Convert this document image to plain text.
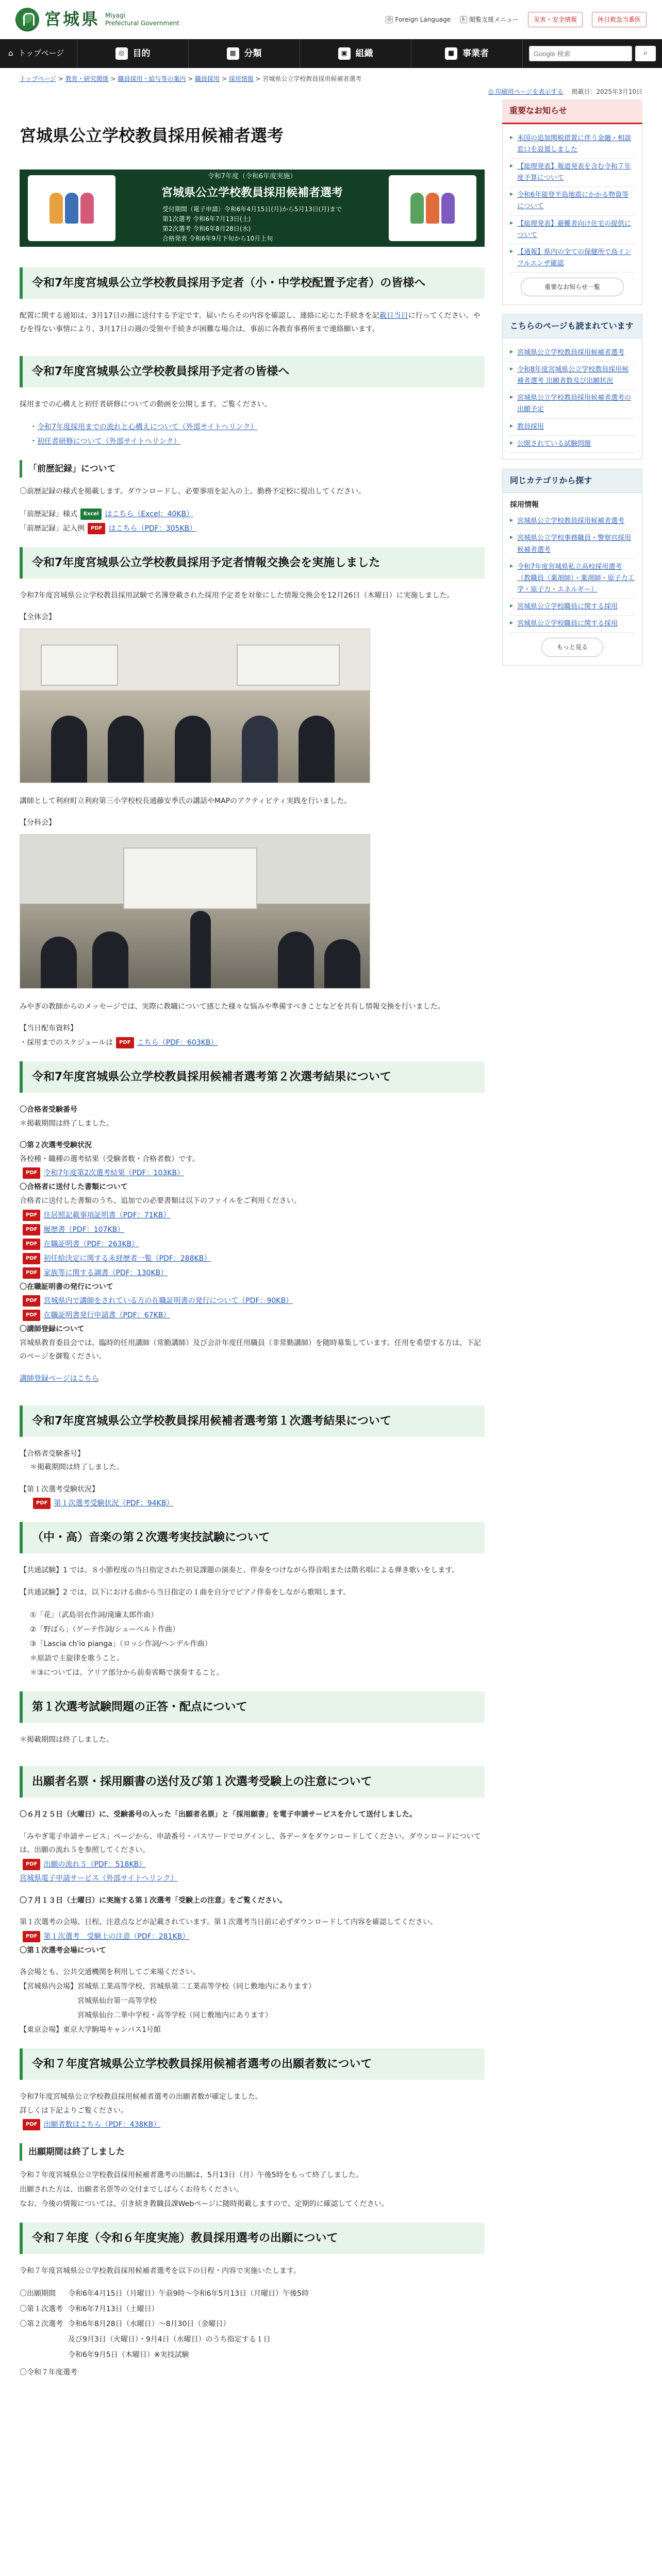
宮城県 Miyagi
Prefectural Government
◎ Foreign Language ♿ 閲覧支援メニュー	災害・安全情報	休日救急当番医
⌂ トップページ	◎ 目的	▦ 分類	▣ 組織	■ 事業者
Google 検索	⌕
トップページ > 教育・研究関係 > 職員採用・給与等の案内 > 職員採用 > 採用情報 > 宮城県公立学校教員採用候補者選考
⎙ 印刷用ページを表示する 掲載日：2025年3月10日
宮城県公立学校教員採用候補者選考
令和7年度（令和6年度実施）
宮城県公立学校教員採用候補者選考
受付期間（電子申請）令和6年4月15日(月)から5月13日(月)まで
第1次選考 令和6年7月13日(土)
第2次選考 令和6年8月28日(水)
合格発表 令和6年9月下旬から10月上旬
令和7年度宮城県公立学校教員採用予定者（小・中学校配置予定者）の皆様へ

配置に関する通知は、3月17日の週に送付する予定です。届いたらその内容を確認し、連絡に応じた手続きを記載日当日に行ってください。やむを得ない事情により、3月17日の週の受領や手続きが困難な場合は、事前に各教育事務所まで連絡願います。

令和7年度宮城県公立学校教員採用予定者の皆様へ

採用までの心構えと初任者研修についての動画を公開します。ご覧ください。

・令和7年度採用までの流れと心構えについて（外部サイトへリンク）
・初任者研修について（外部サイトへリンク）
「前歴記録」について

〇前歴記録の様式を掲載します。ダウンロードし、必要事項を記入の上、勤務予定校に提出してください。

「前歴記録」様式 Excel はこちら（Excel：40KB）
「前歴記録」記入例 PDF はこちら（PDF：305KB）
令和7年度宮城県公立学校教員採用予定者情報交換会を実施しました

令和7年度宮城県公立学校教員採用試験で名簿登載された採用予定者を対象にした情報交換会を12月26日（木曜日）に実施しました。

【全体会】

講師として利府町立利府第三小学校校長通藤安季氏の講話やMAPのアクティビティ実践を行いました。

【分科会】

みやぎの教師からのメッセージでは、実際に教職について感じた様々な悩みや準備すべきことなどを共有し情報交換を行いました。

【当日配布資料】
・採用までのスケジュールは PDF こちら（PDF：603KB）
令和7年度宮城県公立学校教員採用候補者選考第２次選考結果について
〇合格者受験番号

＊掲載期間は終了しました。

〇第２次選考受験状況
各校種・職種の選考結果（受験者数・合格者数）です。
PDF 令和7年度第2次選考結果（PDF：103KB）
〇合格者に送付した書類について
合格者に送付した書類のうち、追加での必要書類は以下のファイルをご利用ください。
PDF 住居照記載事項証明書（PDF：71KB）
PDF 履歴書（PDF：107KB）
PDF 在職証明書（PDF：263KB）
PDF 初任給決定に関する未経歴者一覧（PDF：288KB）
PDF 家族等に関する調書（PDF：130KB）
〇在職証明書の発行について
PDF 宮城県内で講師をされている方の在職証明書の発行について（PDF：90KB）
PDF 在職証明書発行申請書（PDF：67KB）
〇講師登録について

宮城県教育委員会では、臨時的任用講師（常勤講師）及び会計年度任用職員（非常勤講師）を随時募集しています。任用を希望する方は、下記のページを御覧ください。

講師登録ページはこちら

令和7年度宮城県公立学校教員採用候補者選考第１次選考結果について
【合格者受験番号】

＊掲載期間は終了しました。

【第１次選考受験状況】
PDF 第１次選考受験状況（PDF：94KB）
（中・高）音楽の第２次選考実技試験について

【共通試験】1 では、８小節程度の当日指定された初見課題の演奏と、伴奏をつけながら得音唱または階名唱による弾き歌いをします。

【共通試験】2 では、以下における曲から当日指定の１曲を自分でピアノ伴奏をしながら歌唱します。

①「花」（武島羽衣作詞/滝廉太郎作曲）
②「野ばら」（ゲーテ作詞/シューベルト作曲）
③「Lascia ch'io pianga」（ロッシ作詞/ヘンデル作曲）
＊原語で主旋律を歌うこと。
＊③については、アリア部分から前奏省略で演奏すること。
第１次選考試験問題の正答・配点について

＊掲載期間は終了しました。

出願者名票・採用願書の送付及び第１次選考受験上の注意について

〇６月２５日（火曜日）に、受験番号の入った「出願者名票」と「採用願書」を電子申請サービスを介して送付しました。

「みやぎ電子申請サービス」ページから、申請番号・パスワードでログインし、各データをダウンロードしてください。ダウンロードについては、出願の流れ５を参照してください。
PDF 出願の流れ５（PDF：518KB）

宮城県電子申請サービス（外部サイトへリンク）

〇７月１３日（土曜日）に実施する第１次選考「受験上の注意」をご覧ください。

第１次選考の会場、日程、注意点などが記載されています。第１次選考当日前に必ずダウンロードして内容を確認してください。
PDF 第１次選考　受験上の注意（PDF：281KB）

〇第１次選考会場について

各会場とも、公共交通機関を利用してご来場ください。
【宮城県内会場】宮城県工業高等学校、宮城県第二工業高等学校（同じ敷地内にあります）
宮城県仙台第一高等学校
宮城県仙台二華中学校・高等学校（同じ敷地内にあります）
【東京会場】東京大学駒場キャンパス1号館
令和７年度宮城県公立学校教員採用候補者選考の出願者数について
令和7年度宮城県公立学校教員採用候補者選考の出願者数が確定しました。
詳しくは下記よりご覧ください。
PDF 出願者数はこちら（PDF：438KB）
出願期間は終了しました
令和７年度宮城県公立学校教員採用候補者選考の出願は、5月13日（月）午後5時をもって終了しました。
出願された方は、出願者名票等の交付までしばらくお待ちください。
なお、今後の情報については、引き続き教職員課Webページに随時掲載しますので、定期的に確認してください。
令和７年度（令和６年度実施）教員採用選考の出願について

令和７年度宮城県公立学校教員採用候補者選考を以下の日程・内容で実施いたします。

〇出願期間	令和6年4月15日（月曜日）午前9時～令和6年5月13日（月曜日）午後5時
〇第１次選考	令和6年7月13日（土曜日）
〇第２次選考	令和6年8月28日（水曜日）～8月30日（金曜日）
	及び9月3日（火曜日）・9月4日（水曜日）のうち指定する１日
	令和6年9月5日（木曜日）※実技試験
〇令和７年度選考
重要なお知らせ
▶ 米国の追加関税措置に伴う金融・相談窓口を設置しました
▶ 【総理発表】報道発表を含む令和７年度予算について
▶ 令和6年能登半島地震にかかる物資等について
▶ 【総理発表】避難者向け住宅の提供について
▶ 【通報】県内の全ての保健所で鳥インフルエンザ確認
重要なお知らせ一覧
こちらのページも読まれています
▶ 宮城県公立学校教員採用候補者選考
▶ 令和8年度宮城県公立学校教員採用候補者選考 出願者数及び出願状況
▶ 宮城県公立学校教員採用候補者選考の出願予定
▶ 教員採用
▶ 公開されている試験問題
同じカテゴリから探す
採用情報
▶ 宮城県公立学校教員採用候補者選考
▶ 宮城県公立学校事務職員・警察官採用候補者選考
▶ 令和7年度宮城県私立高校採用選考（教職員（薬剤師）・薬剤師・原子力工学・原子力・エネルギー）
▶ 宮城県公立学校職員に関する採用
▶ 宮城県公立学校職員に関する採用
もっと見る
